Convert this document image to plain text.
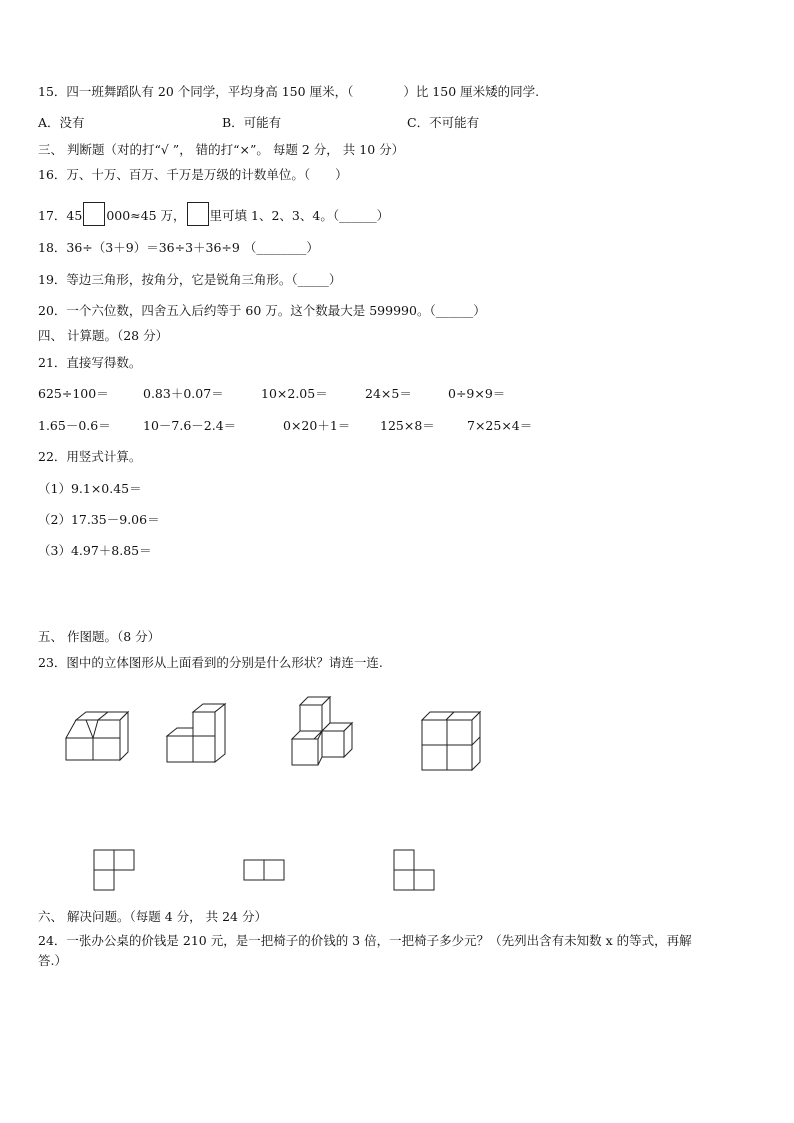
15．四一班舞蹈队有 20 个同学，平均身高 150 厘米，（　　　　）比 150 厘米矮的同学.
A．没有	B．可能有	C．不可能有
三、 判断题（对的打“√ ”， 错的打“×”。 每题 2 分， 共 10 分）
16．万、十万、百万、千万是万级的计数单位。（　　）
17．45 000≈45 万， 里可填 1、2、3、4。（______）
18．36÷（3＋9）＝36÷3＋36÷9 （________）
19．等边三角形，按角分，它是锐角三角形。（_____）
20．一个六位数，四舍五入后约等于 60 万。这个数最大是 599990。（______）
四、 计算题。（28 分）
21．直接写得数。
625÷100＝	0.83＋0.07＝	10×2.05＝	24×5＝	0÷9×9＝
1.65－0.6＝	10－7.6－2.4＝	0×20＋1＝ 125×8＝	7×25×4＝
22．用竖式计算。
（1）9.1×0.45＝
（2）17.35－9.06＝
（3）4.97＋8.85＝
五、 作图题。（8 分）
23．图中的立体图形从上面看到的分别是什么形状？请连一连.
六、 解决问题。（每题 4 分， 共 24 分）
24．一张办公桌的价钱是 210 元，是一把椅子的价钱的 3 倍，一把椅子多少元？（先列出含有未知数 x 的等式，再解
答.）
